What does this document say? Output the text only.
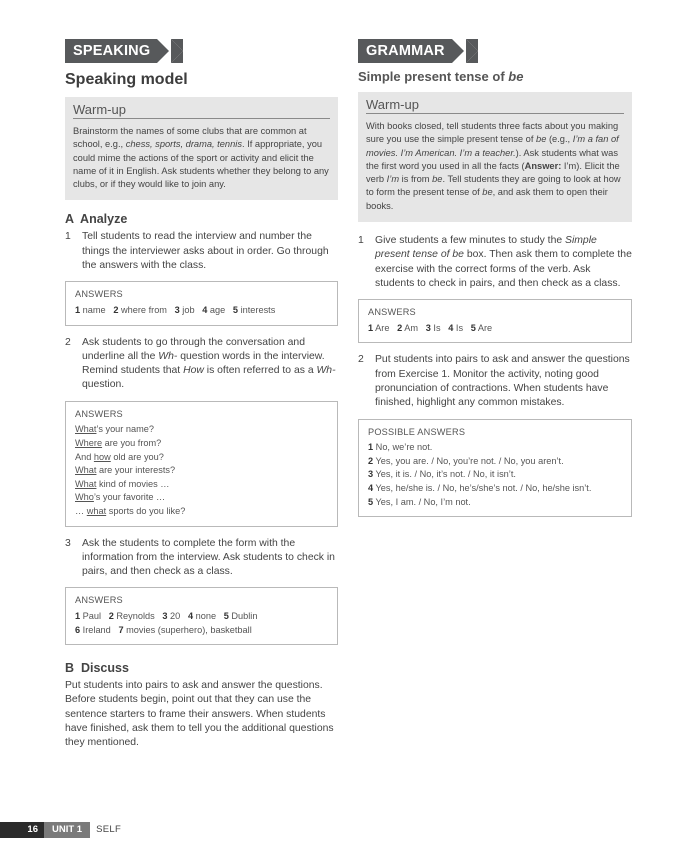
SPEAKING
Speaking model
Warm-up
Brainstorm the names of some clubs that are common at school, e.g., chess, sports, drama, tennis. If appropriate, you could mime the actions of the sport or activity and elicit the name of it in English. Ask students whether they belong to any clubs, or if they would like to join any.
A  Analyze
1	Tell students to read the interview and number the things the interviewer asks about in order. Go through the answers with the class.
ANSWERS
1 name   2 where from   3 job   4 age   5 interests
2	Ask students to go through the conversation and underline all the Wh- question words in the interview. Remind students that How is often referred to as a Wh- question.
ANSWERS
What’s your name?
Where are you from?
And how old are you?
What are your interests?
What kind of movies …
Who’s your favorite …
… what sports do you like?
3	Ask the students to complete the form with the information from the interview. Ask students to check in pairs, and then check as a class.
ANSWERS
1 Paul   2 Reynolds   3 20   4 none   5 Dublin
6 Ireland   7 movies (superhero), basketball
B  Discuss
Put students into pairs to ask and answer the questions. Before students begin, point out that they can use the sentence starters to frame their answers. When students have finished, ask them to tell you the additional questions they mentioned.
GRAMMAR
Simple present tense of be
Warm-up
With books closed, tell students three facts about you making sure you use the simple present tense of be (e.g., I’m a fan of movies. I’m American. I’m a teacher.). Ask students what was the first word you used in all the facts (Answer: I’m). Elicit the verb I’m is from be. Tell students they are going to look at how to form the present tense of be, and ask them to open their books.
1	Give students a few minutes to study the Simple present tense of be box. Then ask them to complete the exercise with the correct forms of the verb. Ask students to check in pairs, and then check as a class.
ANSWERS
1 Are   2 Am   3 Is   4 Is   5 Are
2	Put students into pairs to ask and answer the questions from Exercise 1. Monitor the activity, noting good pronunciation of contractions. When students have finished, highlight any common mistakes.
POSSIBLE ANSWERS
1 No, we’re not.
2 Yes, you are. / No, you’re not. / No, you aren’t.
3 Yes, it is. / No, it’s not. / No, it isn’t.
4 Yes, he/she is. / No, he’s/she’s not. / No, he/she isn’t.
5 Yes, I am. / No, I’m not.
16	UNIT 1	SELF
